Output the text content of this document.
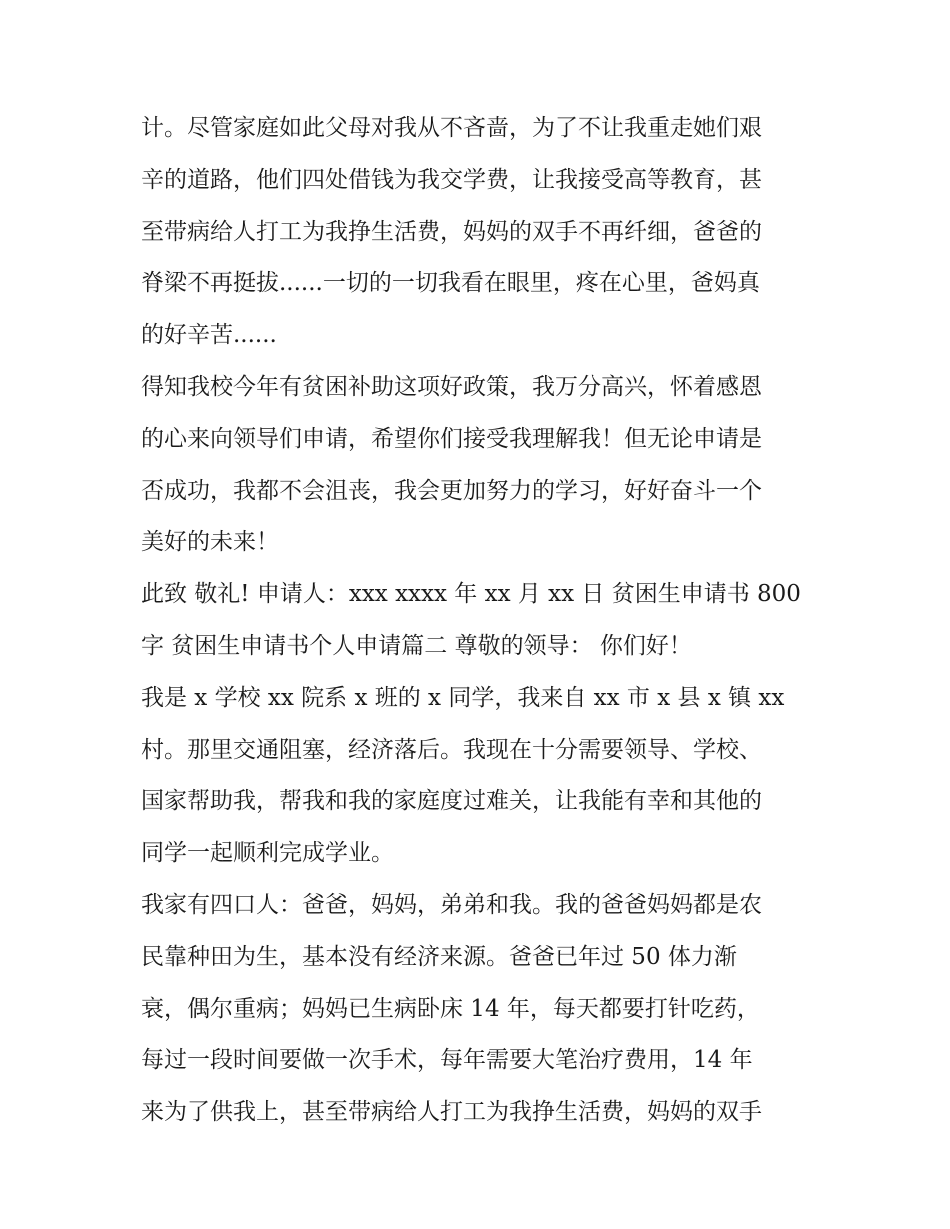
计。尽管家庭如此父母对我从不吝啬，为了不让我重走她们艰
辛的道路，他们四处借钱为我交学费，让我接受高等教育，甚
至带病给人打工为我挣生活费，妈妈的双手不再纤细，爸爸的
脊梁不再挺拔......一切的一切我看在眼里，疼在心里，爸妈真
的好辛苦......
得知我校今年有贫困补助这项好政策，我万分高兴，怀着感恩
的心来向领导们申请，希望你们接受我理解我！但无论申请是
否成功，我都不会沮丧，我会更加努力的学习，好好奋斗一个
美好的未来！
此致 敬礼! 申请人：xxx xxxx 年 xx 月 xx 日 贫困生申请书 800
字 贫困生申请书个人申请篇二 尊敬的领导： 你们好！
我是 x 学校 xx 院系 x 班的 x 同学，我来自 xx 市 x 县 x 镇 xx
村。那里交通阻塞，经济落后。我现在十分需要领导、学校、
国家帮助我，帮我和我的家庭度过难关，让我能有幸和其他的
同学一起顺利完成学业。
我家有四口人：爸爸，妈妈，弟弟和我。我的爸爸妈妈都是农
民靠种田为生，基本没有经济来源。爸爸已年过 50 体力渐
衰，偶尔重病；妈妈已生病卧床 14 年，每天都要打针吃药，
每过一段时间要做一次手术，每年需要大笔治疗费用，14 年
来为了供我上，甚至带病给人打工为我挣生活费，妈妈的双手
